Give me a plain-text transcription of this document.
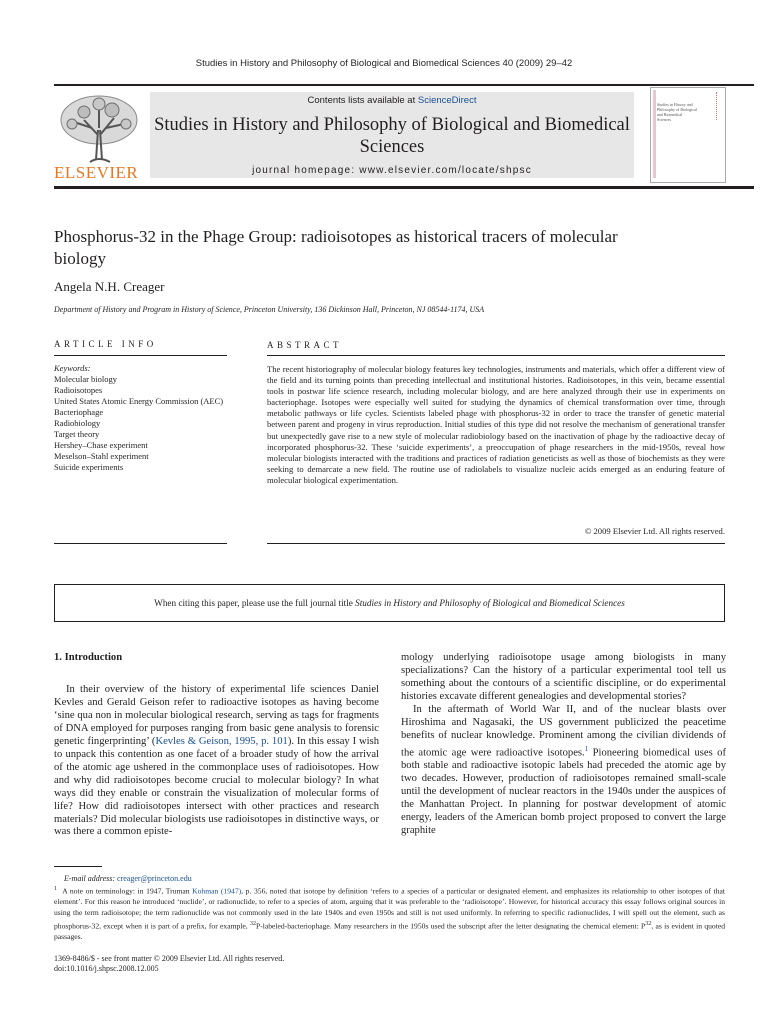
Studies in History and Philosophy of Biological and Biomedical Sciences 40 (2009) 29–42
ELSEVIER
Contents lists available at ScienceDirect
Studies in History and Philosophy of Biological and Biomedical Sciences
journal homepage: www.elsevier.com/locate/shpsc
Studies in History and Philosophy of Biological and Biomedical Sciences
Phosphorus-32 in the Phage Group: radioisotopes as historical tracers of molecular biology
Angela N.H. Creager
Department of History and Program in History of Science, Princeton University, 136 Dickinson Hall, Princeton, NJ 08544-1174, USA
ARTICLE INFO
Keywords:
Molecular biology
Radioisotopes
United States Atomic Energy Commission (AEC)
Bacteriophage
Radiobiology
Target theory
Hershey–Chase experiment
Meselson–Stahl experiment
Suicide experiments
ABSTRACT
The recent historiography of molecular biology features key technologies, instruments and materials, which offer a different view of the field and its turning points than preceding intellectual and institutional histories. Radioisotopes, in this vein, became essential tools in postwar life science research, including molecular biology, and are here analyzed through their use in experiments on bacteriophage. Isotopes were especially well suited for studying the dynamics of chemical transformation over time, through metabolic pathways or life cycles. Scientists labeled phage with phosphorus-32 in order to trace the transfer of genetic material between parent and progeny in virus reproduction. Initial studies of this type did not resolve the mechanism of generational transfer but unexpectedly gave rise to a new style of molecular radiobiology based on the inactivation of phage by the radioactive decay of incorporated phosphorus-32. These ‘suicide experiments’, a preoccupation of phage researchers in the mid-1950s, reveal how molecular biologists interacted with the traditions and practices of radiation geneticists as well as those of biochemists as they were seeking to demarcate a new field. The routine use of radiolabels to visualize nucleic acids emerged as an enduring feature of molecular biological experimentation.
© 2009 Elsevier Ltd. All rights reserved.
When citing this paper, please use the full journal title Studies in History and Philosophy of Biological and Biomedical Sciences
1. Introduction

In their overview of the history of experimental life sciences Daniel Kevles and Gerald Geison refer to radioactive isotopes as having become ‘sine qua non in molecular biological research, serving as tags for fragments of DNA employed for purposes ranging from basic gene analysis to forensic genetic fingerprinting’ (Kevles & Geison, 1995, p. 101). In this essay I wish to unpack this contention as one facet of a broader study of how the arrival of the atomic age ushered in the commonplace uses of radioisotopes. How and why did radioisotopes become crucial to molecular biology? In what ways did they enable or constrain the visualization of molecular forms of life? How did radioisotopes intersect with other practices and research materials? Did molecular biologists use radioisotopes in distinctive ways, or was there a common episte-

mology underlying radioisotope usage among biologists in many specializations? Can the history of a particular experimental tool tell us something about the contours of a scientific discipline, or do experimental histories excavate different genealogies and developmental stories?

In the aftermath of World War II, and of the nuclear blasts over Hiroshima and Nagasaki, the US government publicized the peacetime benefits of nuclear knowledge. Prominent among the civilian dividends of the atomic age were radioactive isotopes.$^1$ Pioneering biomedical uses of both stable and radioactive isotopic labels had preceded the atomic age by two decades. However, production of radioisotopes remained small-scale until the development of nuclear reactors in the 1940s under the auspices of the Manhattan Project. In planning for postwar development of atomic energy, leaders of the American bomb project proposed to convert the large graphite

E-mail address: creager@princeton.edu
$^1$ A note on terminology: in 1947, Truman Kohman (1947), p. 356, noted that isotope by definition ‘refers to a species of a particular or designated element, and emphasizes its relationship to other isotopes of that element’. For this reason he introduced ‘nuclide’, or radionuclide, to refer to a species of atom, arguing that it was preferable to the ‘radioisotope’. However, for historical accuracy this essay follows original sources in using the term radioisotope; the term radionuclide was not commonly used in the late 1940s and even 1950s and still is not used uniformly. In referring to specific radionuclides, I will spell out the element, such as phosphorus-32, except when it is part of a prefix, for example, $^{32}$P-labeled-bacteriophage. Many researchers in the 1950s used the subscript after the letter designating the chemical element: $P^{32}$, as is evident in quoted passages.
1369-8486/$ - see front matter © 2009 Elsevier Ltd. All rights reserved.
doi:10.1016/j.shpsc.2008.12.005
